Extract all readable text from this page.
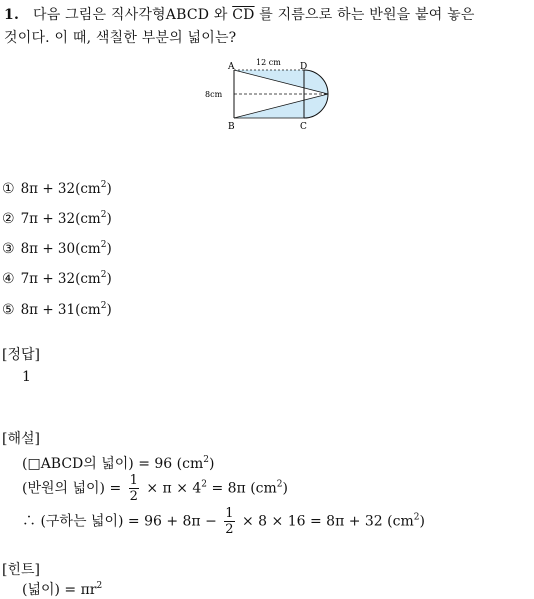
1. 다음 그림은 직사각형ABCD 와 $\overline{CD}$ 를 지름으로 하는 반원을 붙여 놓은
것이다. 이 때, 색칠한 부분의 넓이는?
A
B	C
D
12 cm
8cm
① $8\pi + 32(cm^2)$
② $7\pi + 32(cm^2)$
③ $8\pi + 30(cm^2)$
④ $7\pi + 32(cm^2)$
⑤ $8\pi + 31(cm^2)$
[정답]
1
[해설]
(□ABCD의 넓이) = 96 $(cm^2)$
(반원의 넓이) = $\frac{1}{2} \times \pi \times 4^2 = 8\pi$ $(cm^2)$
∴ (구하는 넓이) = $96 + 8\pi - \frac{1}{2} \times 8 \times 16 = 8\pi + 32$ $(cm^2)$
[힌트]
(넓이) = $\pi r^2$
